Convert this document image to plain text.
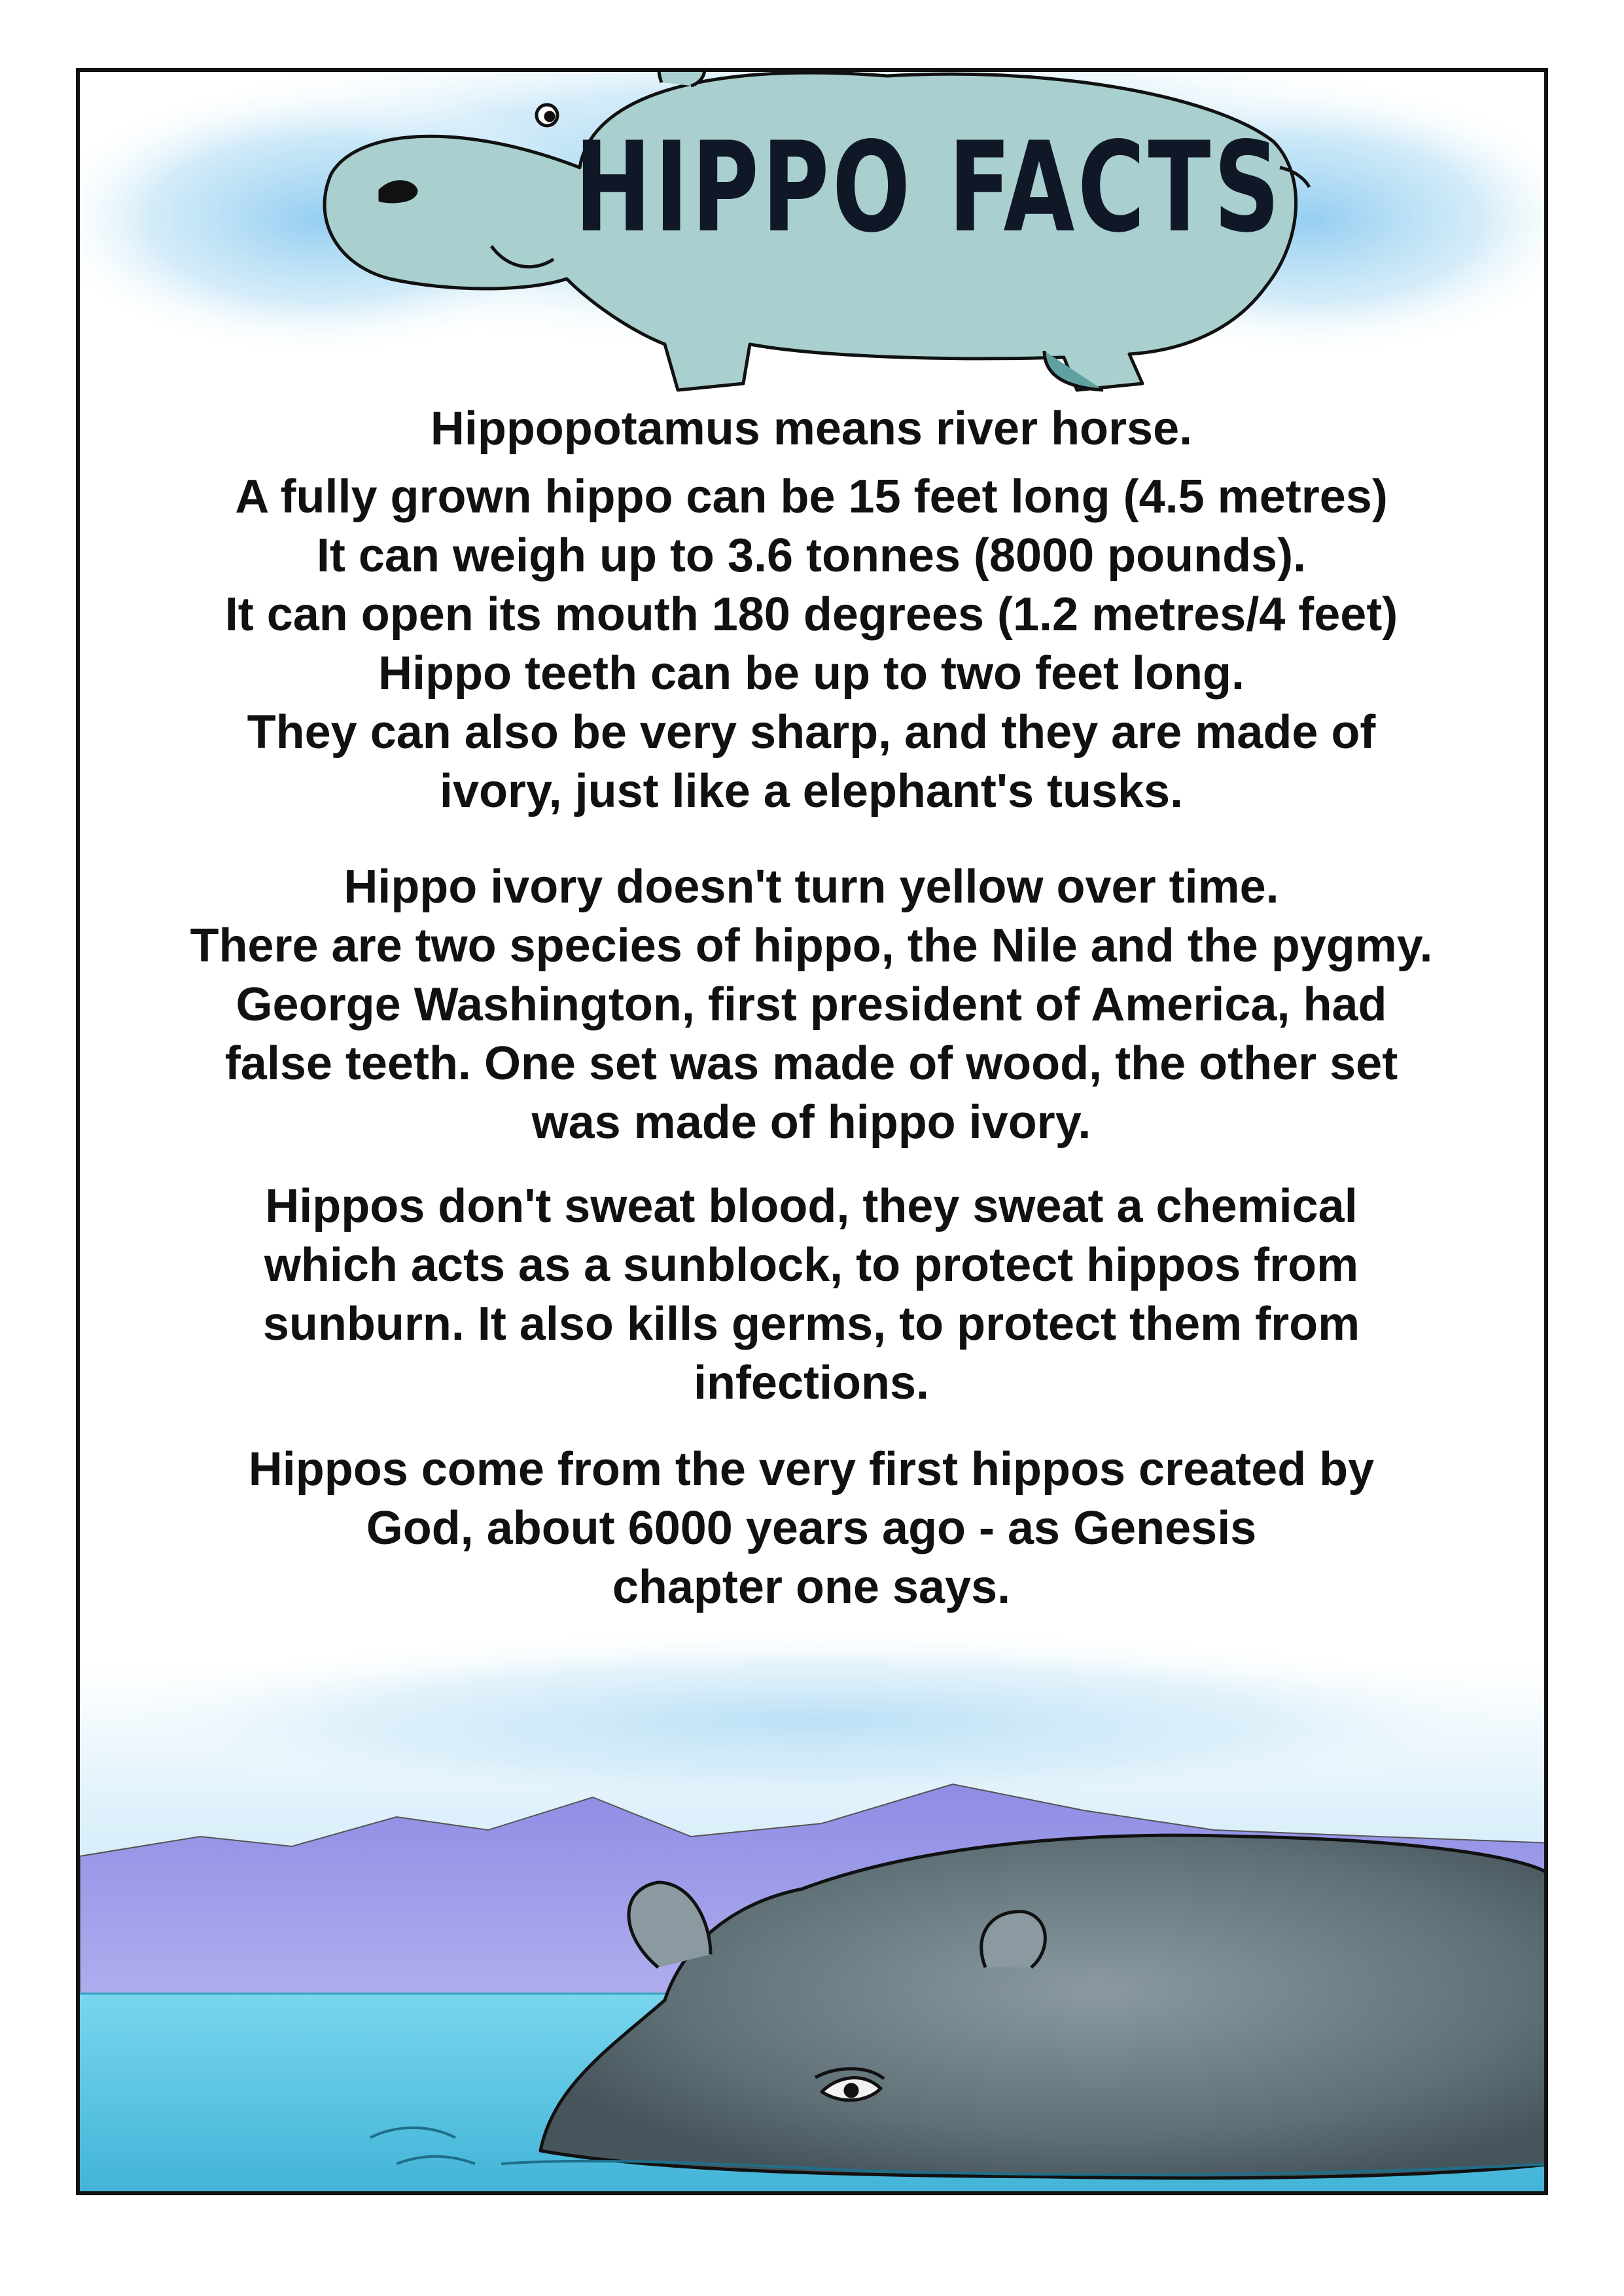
HIPPO FACTS
Hippopotamus means river horse.
A fully grown hippo can be 15 feet long (4.5 metres)
It can weigh up to 3.6 tonnes (8000 pounds).
It can open its mouth 180 degrees (1.2 metres/4 feet)
Hippo teeth can be up to two feet long.
They can also be very sharp, and they are made of
ivory, just like a elephant's tusks.
Hippo ivory doesn't turn yellow over time.
There are two species of hippo, the Nile and the pygmy.
George Washington, first president of America, had
false teeth. One set was made of wood, the other set
was made of hippo ivory.
Hippos don't sweat blood, they sweat a chemical
which acts as a sunblock, to protect hippos from
sunburn. It also kills germs, to protect them from
infections.
Hippos come from the very first hippos created by
God, about 6000 years ago - as Genesis
chapter one says.
